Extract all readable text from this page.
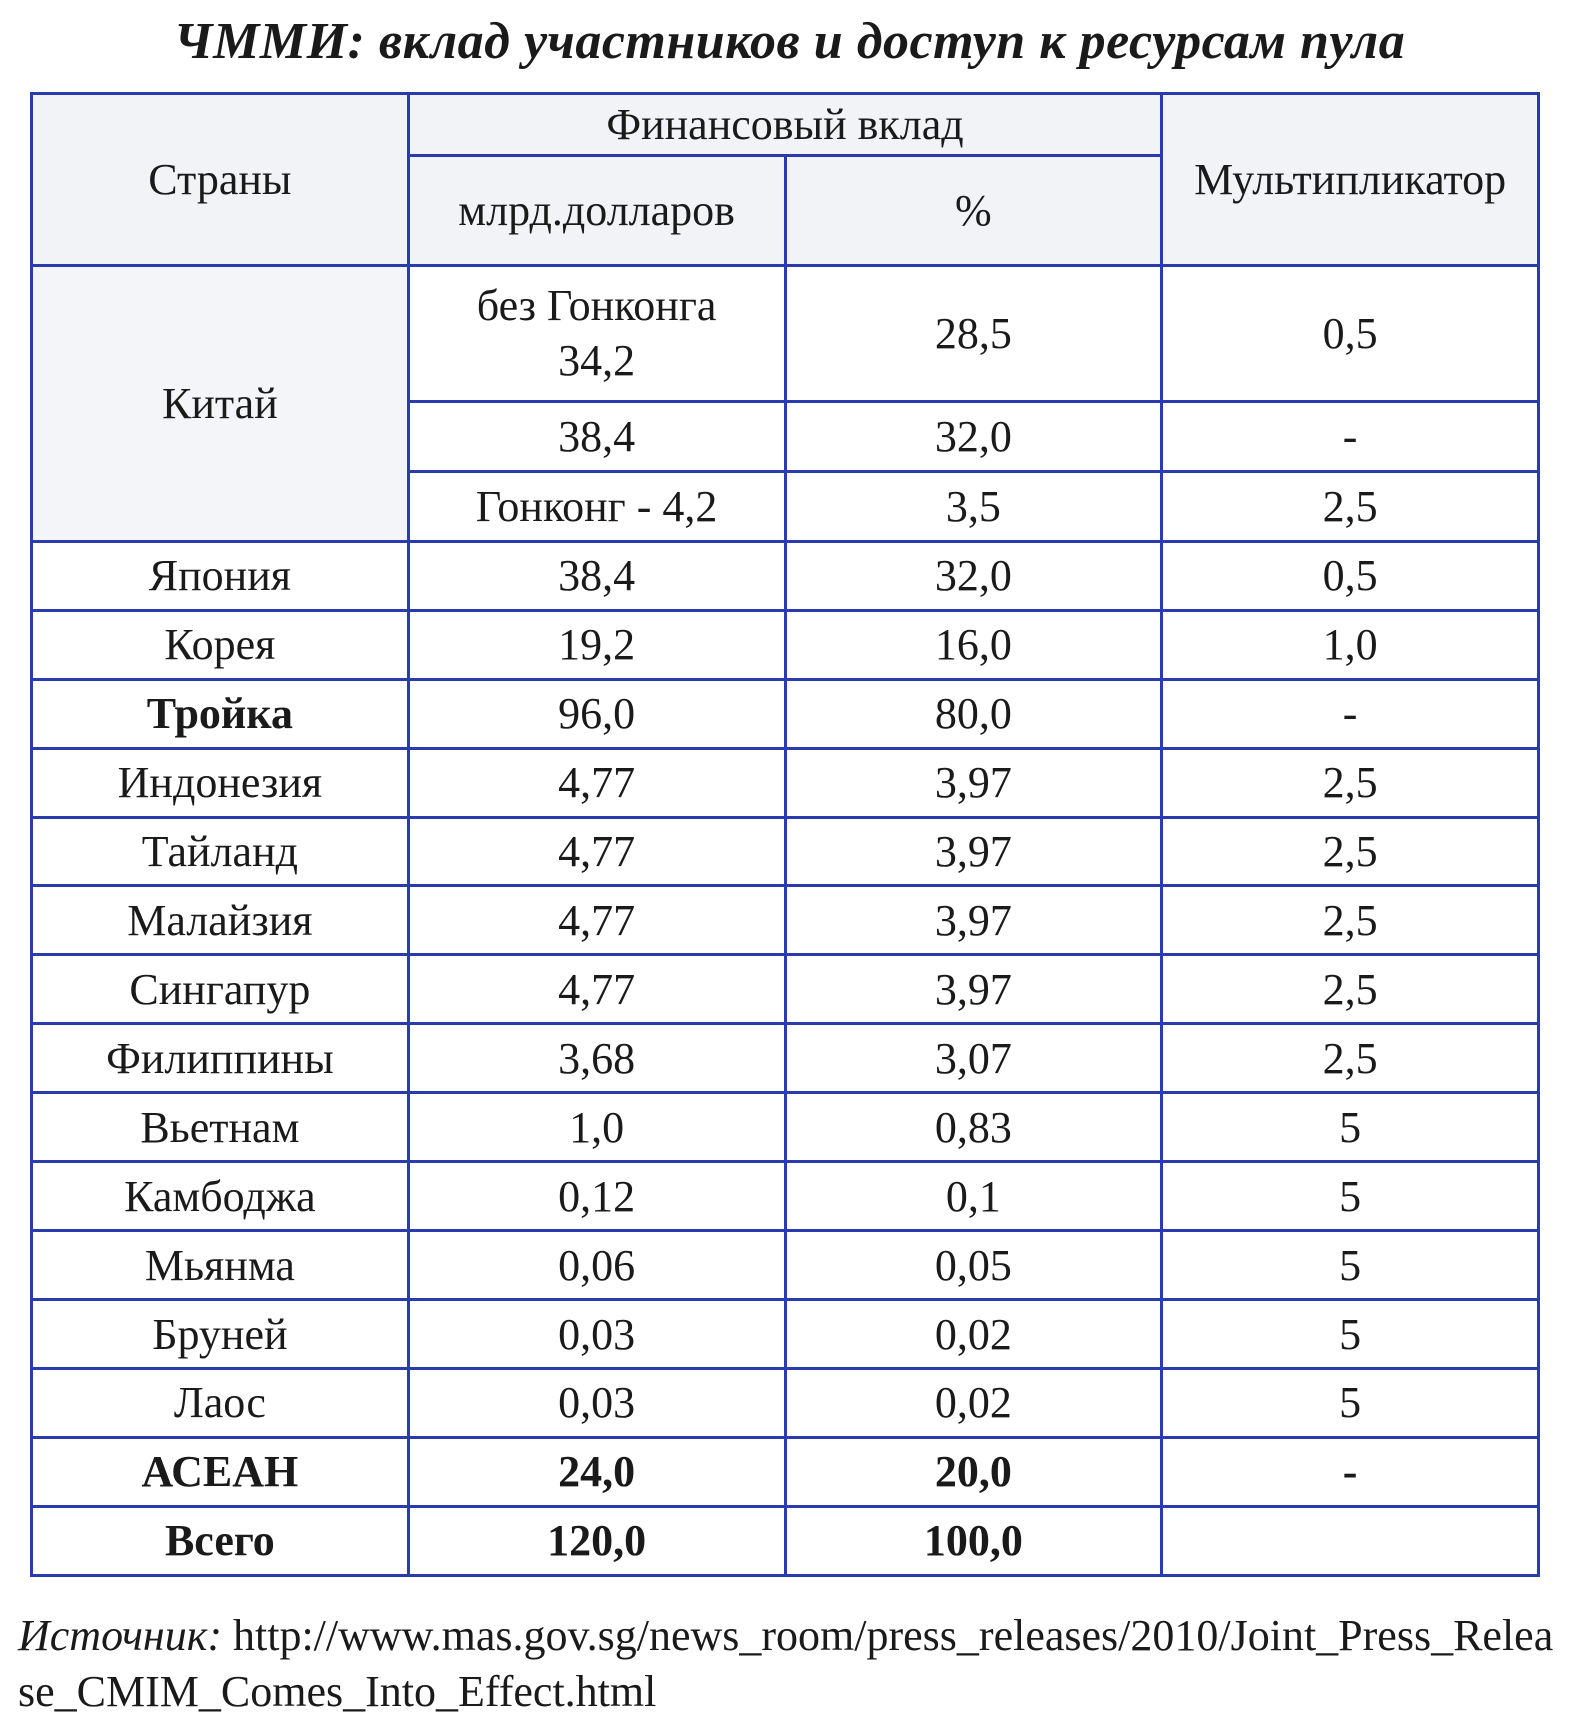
ЧММИ: вклад участников и доступ к ресурсам пула
Страны	Финансовый вклад		Мультипликатор
	млрд.долларов	%	
Китай	без Гонконга 34,2	28,5	0,5
	38,4	32,0	-
	Гонконг - 4,2	3,5	2,5
Япония	38,4	32,0	0,5
Корея	19,2	16,0	1,0
Тройка	96,0	80,0	-
Индонезия	4,77	3,97	2,5
Тайланд	4,77	3,97	2,5
Малайзия	4,77	3,97	2,5
Сингапур	4,77	3,97	2,5
Филиппины	3,68	3,07	2,5
Вьетнам	1,0	0,83	5
Камбоджа	0,12	0,1	5
Мьянма	0,06	0,05	5
Бруней	0,03	0,02	5
Лаос	0,03	0,02	5
АСЕАН	24,0	20,0	-
Всего	120,0	100,0	
Источник: http://www.mas.gov.sg/news_room/press_releases/2010/Joint_Press_Release_CMIM_Comes_Into_Effect.html
